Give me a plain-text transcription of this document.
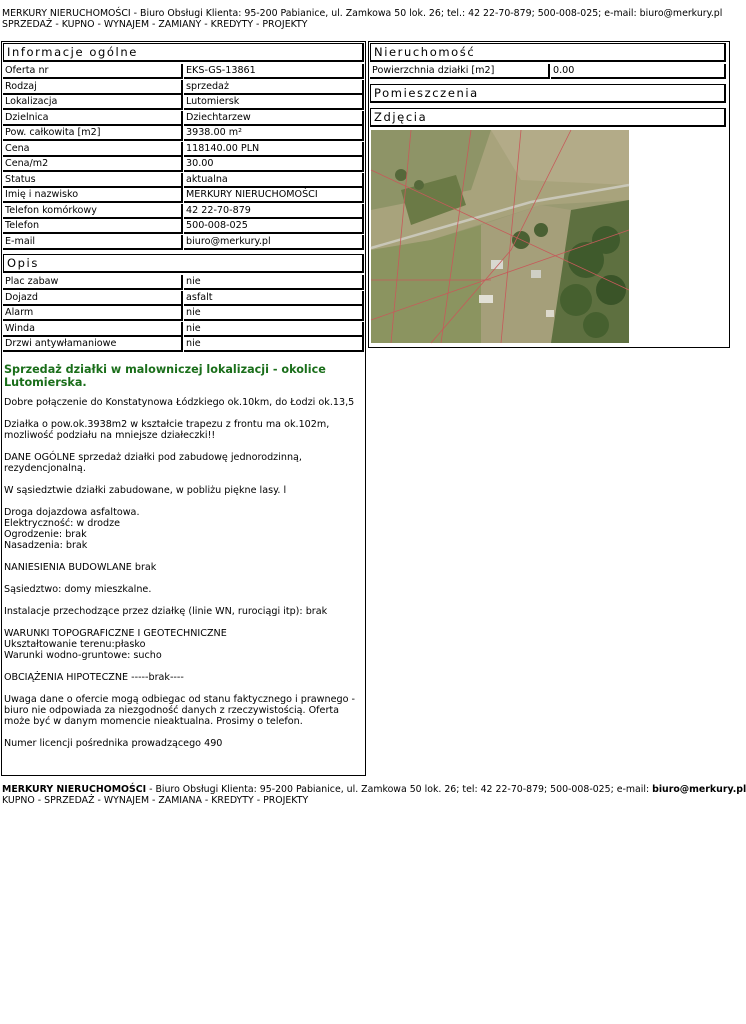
MERKURY NIERUCHOMOŚCI - Biuro Obsługi Klienta: 95-200 Pabianice, ul. Zamkowa 50 lok. 26; tel.: 42 22-70-879; 500-008-025; e-mail: biuro@merkury.pl
SPRZEDAŻ - KUPNO - WYNAJEM - ZAMIANY - KREDYTY - PROJEKTY
Informacje ogólne
Oferta nr	EKS-GS-13861
Rodzaj	sprzedaż
Lokalizacja	Lutomiersk
Dzielnica	Dziechtarzew
Pow. całkowita [m2]	3938.00 m²
Cena	118140.00 PLN
Cena/m2	30.00
Status	aktualna
Imię i nazwisko	MERKURY NIERUCHOMOŚCI
Telefon komórkowy	42 22-70-879
Telefon	500-008-025
E-mail	biuro@merkury.pl
Opis
Plac zabaw	nie
Dojazd	asfalt
Alarm	nie
Winda	nie
Drzwi antywłamaniowe	nie
Sprzedaż działki w malowniczej lokalizacji - okolice Lutomierska.

Dobre połączenie do Konstatynowa Łódzkiego ok.10km, do Łodzi ok.13,5

Działka o pow.ok.3938m2 w kształcie trapezu z frontu ma ok.102m, mozliwość podziału na mniejsze działeczki!!

DANE OGÓLNE sprzedaż działki pod zabudowę jednorodzinną, rezydencjonalną.

W sąsiedztwie działki zabudowane, w pobliżu piękne lasy. l

Droga dojazdowa asfaltowa.
Elektryczność: w drodze
Ogrodzenie: brak
Nasadzenia: brak

NANIESIENIA BUDOWLANE brak

Sąsiedztwo: domy mieszkalne.

Instalacje przechodzące przez działkę (linie WN, rurociągi itp): brak

WARUNKI TOPOGRAFICZNE I GEOTECHNICZNE
Ukształtowanie terenu:płasko
Warunki wodno-gruntowe: sucho

OBCIĄŻENIA HIPOTECZNE -----brak----

Uwaga dane o ofercie mogą odbiegac od stanu faktycznego i prawnego - biuro nie odpowiada za niezgodność danych z rzeczywistością. Oferta może być w danym momencie nieaktualna. Prosimy o telefon.

Numer licencji pośrednika prowadzącego 490

Nieruchomość
Powierzchnia działki [m2]	0.00
Pomieszczenia
Zdjęcia
MERKURY NIERUCHOMOŚCI - Biuro Obsługi Klienta: 95-200 Pabianice, ul. Zamkowa 50 lok. 26; tel: 42 22-70-879; 500-008-025; e-mail: biuro@merkury.pl
KUPNO - SPRZEDAŻ - WYNAJEM - ZAMIANA - KREDYTY - PROJEKTY
